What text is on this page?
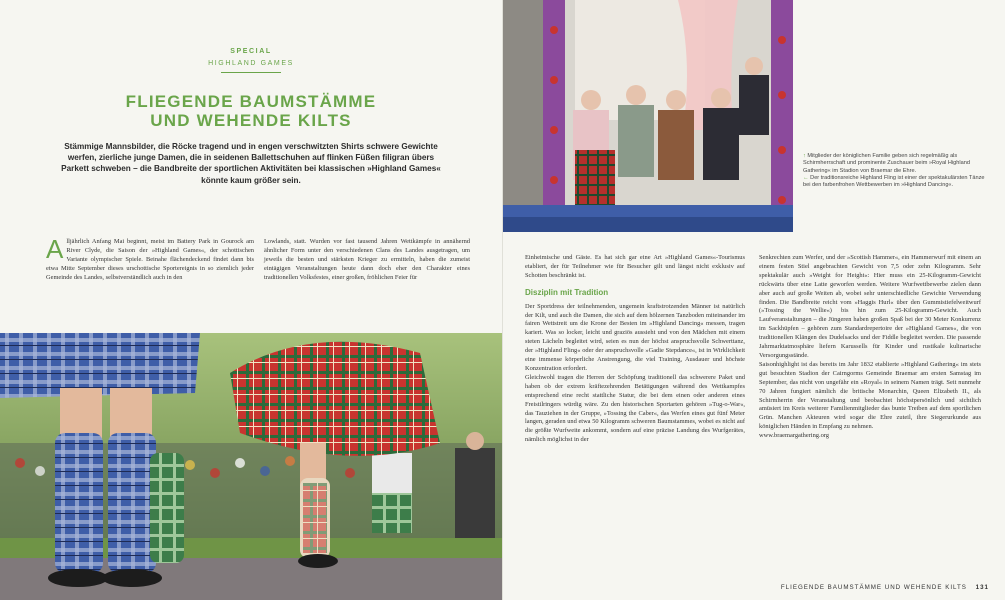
SPECIAL
HIGHLAND GAMES
FLIEGENDE BAUMSTÄMME
UND WEHENDE KILTS
Stämmige Mannsbilder, die Röcke tragend und in engen verschwitzten Shirts schwere Gewichte werfen, zierliche junge Damen, die in seidenen Ballettschuhen auf flinken Füßen filigran übers Parkett schweben – die Bandbreite der sportlichen Aktivitäten bei klassischen »Highland Games« könnte kaum größer sein.
A lljährlich Anfang Mai beginnt, meist im Battery Park in Gourock am River Clyde, die Saison der »Highland Games«, der schottischen Variante olympischer Spiele. Beinahe flächendeckend findet dann bis etwa Mitte September dieses urschottische Sportereignis in so ziemlich jeder Gemeinde des Landes, selbstverständlich auch in den
Lowlands, statt. Wurden vor fast tausend Jahren Wettkämpfe in annähernd ähnlicher Form unter den verschiedenen Clans des Landes ausgetragen, um jeweils die besten und stärksten Krieger zu ermitteln, haben die zumeist eintägigen Veranstaltungen heute dann doch eher den Charakter eines traditionellen Volksfestes, einer großen, fröhlichen Feier für
↑ Mitglieder der königlichen Familie geben sich regelmäßig als Schirmherrschaft und prominente Zuschauer beim »Royal Highland Gathering« im Stadion von Braemar die Ehre.
← Der traditionsreiche Highland Fling ist einer der spektakulärsten Tänze bei den farbenfrohen Wettbewerben im »Highland Dancing«.
Einheimische und Gäste. Es hat sich gar eine Art »Highland Games«-Tourismus etabliert, der für Teilnehmer wie für Besucher gilt und längst nicht exklusiv auf Schotten beschränkt ist.
Disziplin mit Tradition
Der Sportdress der teilnehmenden, ungemein kraftstrotzenden Männer ist natürlich der Kilt, und auch die Damen, die sich auf dem hölzernen Tanzboden miteinander im fairen Wettstreit um die Krone der Besten im »Highland Dancing« messen, tragen kariert. Was so locker, leicht und graziös aussieht und von den Mädchen mit einem steten Lächeln begleitet wird, seien es nun der höchst anspruchsvolle Schwerttanz, der »Highland Fling« oder der anspruchsvolle »Gadie Stepdance«, ist in Wirklichkeit eine immense körperliche Anstrengung, die viel Training, Ausdauer und höchste Konzentration erfordert.
Gleichwohl tragen die Herren der Schöpfung traditionell das schwerere Paket und haben ob der extrem kräftezehrenden Betätigungen während des Wettkampfes entsprechend eine recht stattliche Statur, die bei dem einen oder anderen eines Freistilringers würdig wäre. Zu den historischen Sportarten gehören »Tug-o-War«, das Tauziehen in der Gruppe, »Tossing the Caber«, das Werfen eines gut fünf Meter langen, geraden und etwa 50 Kilogramm schweren Baumstammes, wobei es nicht auf die größte Wurfweite ankommt, sondern auf eine präzise Landung des Wurfgerätes, nämlich möglichst in der
Senkrechten zum Werfer, und der »Scottish Hammer«, ein Hammerwurf mit einem an einem festen Stiel angebrachten Gewicht von 7,5 oder zehn Kilogramm. Sehr spektakulär auch »Weight for Height«: Hier muss ein 25-Kilogramm-Gewicht rückwärts über eine Latte geworfen werden. Weitere Wurfwettbewerbe zielen dann aber auch auf große Weiten ab, wobei sehr unterschiedliche Gewichte Verwendung finden. Die Bandbreite reicht vom »Haggis Hurl« über den Gummistiefelweitwurf (»Tossing the Wellie«) bis hin zum 25-Kilogramm-Gewicht. Auch Laufveranstaltungen – die Jüngeren haben großen Spaß bei der 30 Meter Konkurrenz im Sackhüpfen – gehören zum Standardrepertoire der »Highland Games«, die von traditionellen Klängen des Dudelsacks und der Fiddle begleitet werden. Die passende Jahrmarktatmosphäre liefern Karussells für Kinder und rustikale kulinarische Versorgungsstände.
Saisonhighlight ist das bereits im Jahr 1832 etablierte »Highland Gathering« im stets gut besuchten Stadion der Cairngorms Gemeinde Braemar am ersten Samstag im September, das nicht von ungefähr ein »Royal« in seinem Namen trägt. Seit nunmehr 70 Jahren fungiert nämlich die britische Monarchin, Queen Elizabeth II., als Schirmherrin der Veranstaltung und beobachtet höchstpersönlich und sichtlich amüsiert im Kreis weiterer Familienmitglieder das bunte Treiben auf dem sportlichen Grün. Manchen Akteuren wird sogar die Ehre zuteil, ihre Siegerurkunde aus königlichen Händen in Empfang zu nehmen.
www.braemargathering.org
FLIEGENDE BAUMSTÄMME UND WEHENDE KILTS 131
